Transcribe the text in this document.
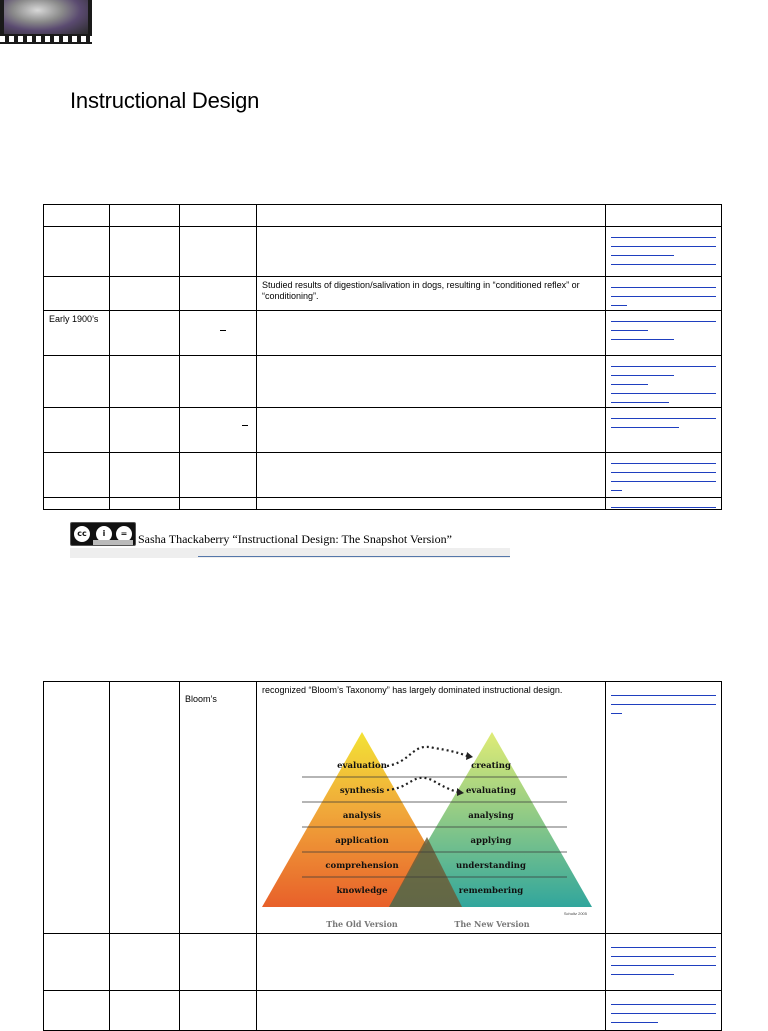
Instructional Design

			Studied results of digestion/salivation in dogs, resulting in “conditioned reflex” or “conditioning”.	

Early 1900’s				

cc	i	= Sasha Thackaberry “Instructional Design: The Snapshot Version”
		Bloom’s	recognized “Bloom’s Taxonomy” has largely dominated instructional design.	

evaluation
synthesis
analysis
application
comprehension
knowledge
creating
evaluating
analysing
applying
understanding
remembering
Schultz 2005
The Old Version	The New Version
